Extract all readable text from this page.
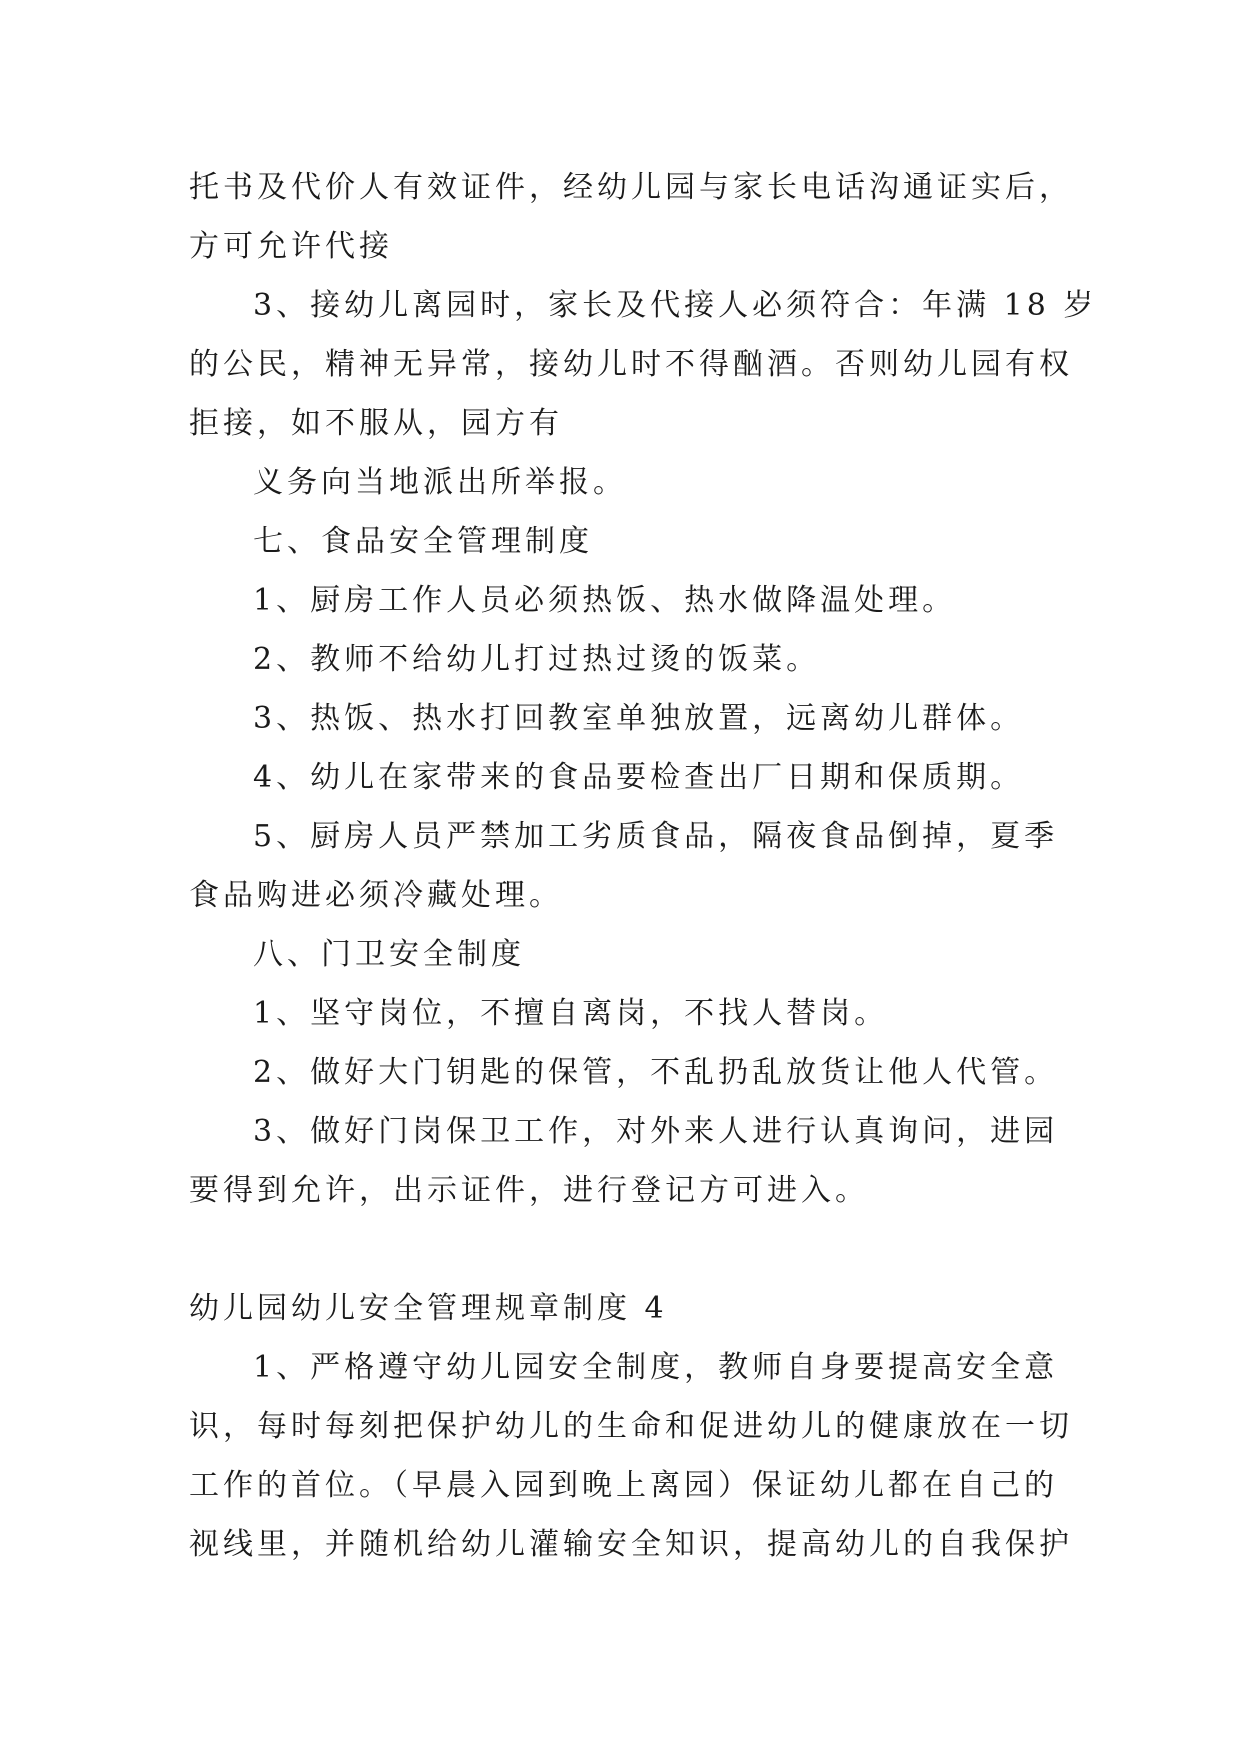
托书及代价人有效证件，经幼儿园与家长电话沟通证实后，
方可允许代接
3、接幼儿离园时，家长及代接人必须符合：年满 18 岁
的公民，精神无异常，接幼儿时不得酗酒。否则幼儿园有权
拒接，如不服从，园方有
义务向当地派出所举报。
七、食品安全管理制度
1、厨房工作人员必须热饭、热水做降温处理。
2、教师不给幼儿打过热过烫的饭菜。
3、热饭、热水打回教室单独放置，远离幼儿群体。
4、幼儿在家带来的食品要检查出厂日期和保质期。
5、厨房人员严禁加工劣质食品，隔夜食品倒掉，夏季
食品购进必须冷藏处理。
八、门卫安全制度
1、坚守岗位，不擅自离岗，不找人替岗。
2、做好大门钥匙的保管，不乱扔乱放货让他人代管。
3、做好门岗保卫工作，对外来人进行认真询问，进园
要得到允许，出示证件，进行登记方可进入。
幼儿园幼儿安全管理规章制度 4
1、严格遵守幼儿园安全制度，教师自身要提高安全意
识，每时每刻把保护幼儿的生命和促进幼儿的健康放在一切
工作的首位。（早晨入园到晚上离园）保证幼儿都在自己的
视线里，并随机给幼儿灌输安全知识，提高幼儿的自我保护
